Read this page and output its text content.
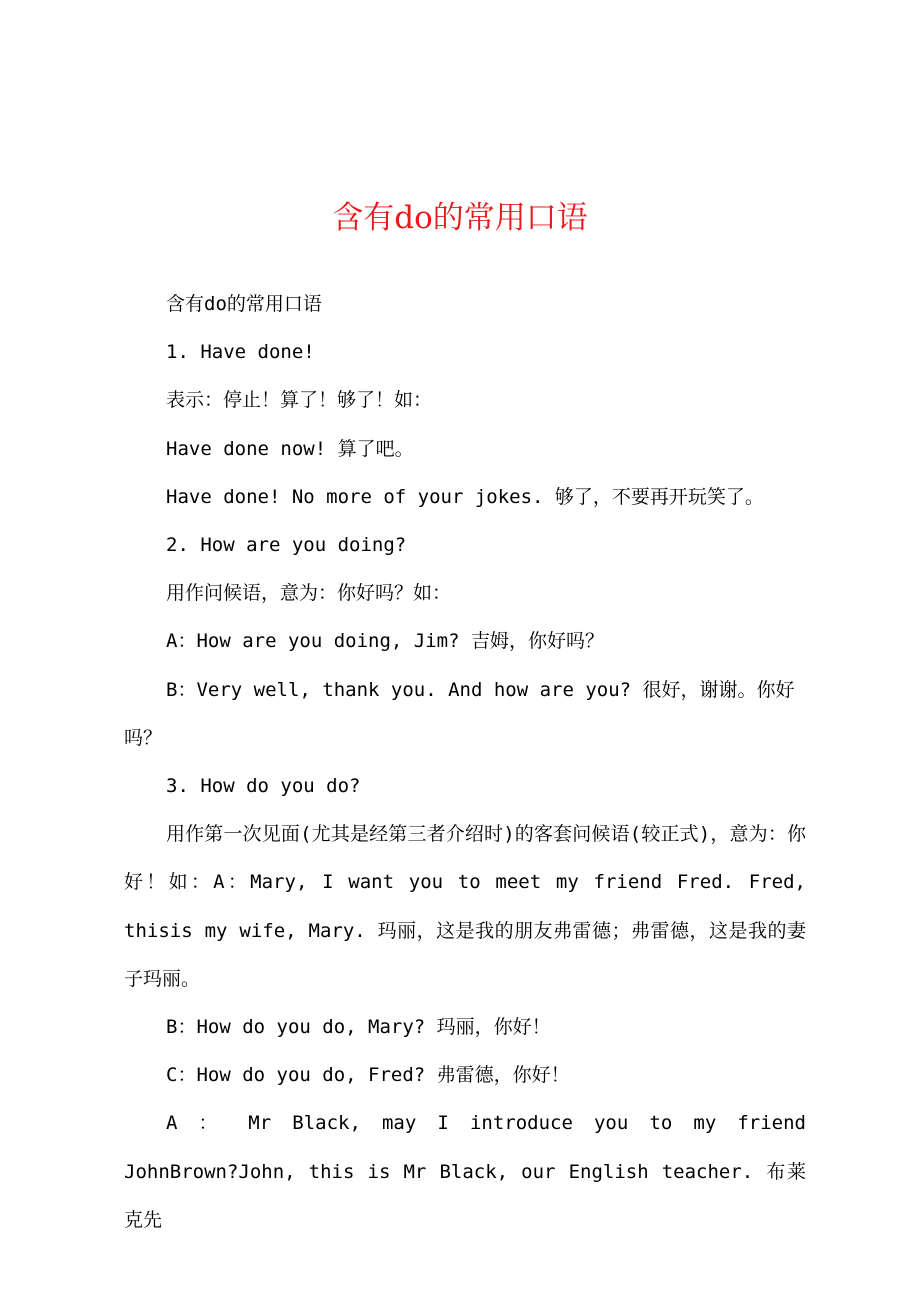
含有do的常用口语

含有do的常用口语

1. Have done!

表示：停止！算了！够了！如：

Have done now! 算了吧。

Have done! No more of your jokes. 够了，不要再开玩笑了。

2. How are you doing?

用作问候语，意为：你好吗？如：

A：How are you doing, Jim? 吉姆，你好吗？

B：Very well, thank you. And how are you? 很好，谢谢。你好吗？

3. How do you do?

用作第一次见面(尤其是经第三者介绍时)的客套问候语(较正式)，意为：你好！如：A：Mary, I want you to meet my friend Fred. Fred, thisis my wife, Mary. 玛丽，这是我的朋友弗雷德；弗雷德，这是我的妻子玛丽。

B：How do you do, Mary? 玛丽，你好！

C：How do you do, Fred? 弗雷德，你好！

A ： Mr Black, may I introduce you to my friend JohnBrown?John, this is Mr Black, our English teacher. 布莱克先
